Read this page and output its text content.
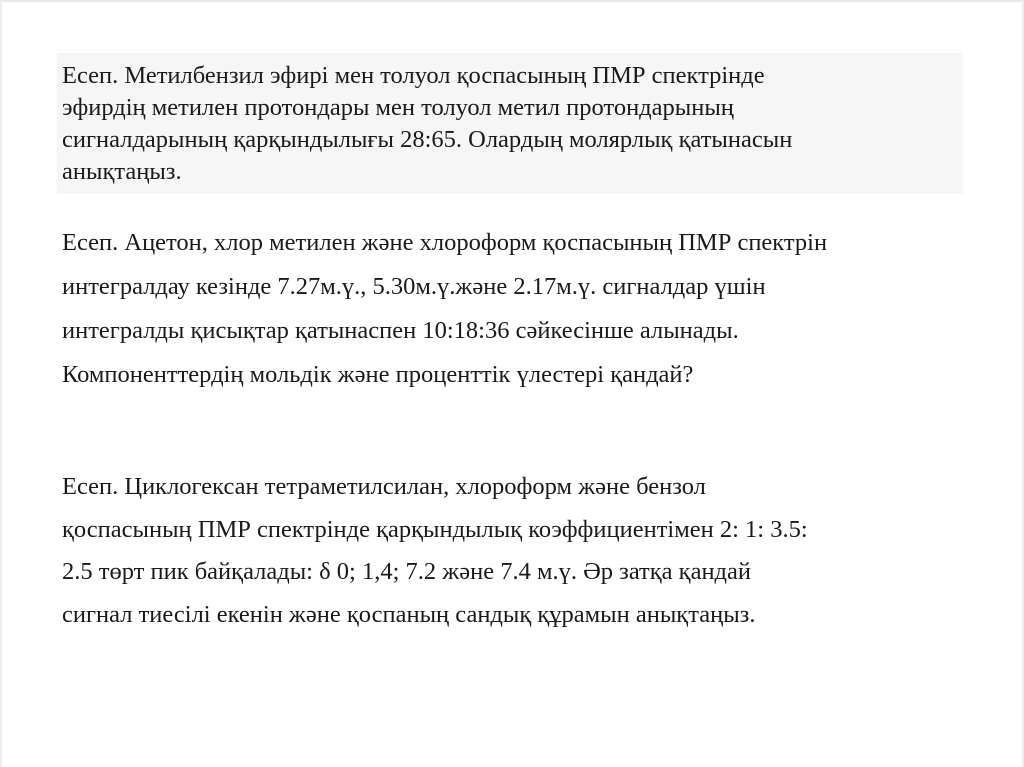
Есеп. Метилбензил эфирі мен толуол қоспасының ПМР спектрінде
эфирдің метилен протондары мен толуол метил протондарының
сигналдарының қарқындылығы 28:65. Олардың молярлық қатынасын
анықтаңыз.
Есеп. Ацетон, хлор метилен және хлороформ қоспасының ПМР спектрін
интегралдау кезінде 7.27м.ү., 5.30м.ү.және 2.17м.ү. сигналдар үшін
интегралды қисықтар қатынаспен 10:18:36 сәйкесінше алынады.
Компоненттердің мольдік және проценттік үлестері қандай?
Есеп. Циклогексан тетраметилсилан, хлороформ және бензол
қоспасының ПМР спектрінде қарқындылық коэффициентімен 2: 1: 3.5:
2.5 төрт пик байқалады: δ 0; 1,4; 7.2 және 7.4 м.ү. Әр затқа қандай
сигнал тиесілі екенін және қоспаның сандық құрамын анықтаңыз.
